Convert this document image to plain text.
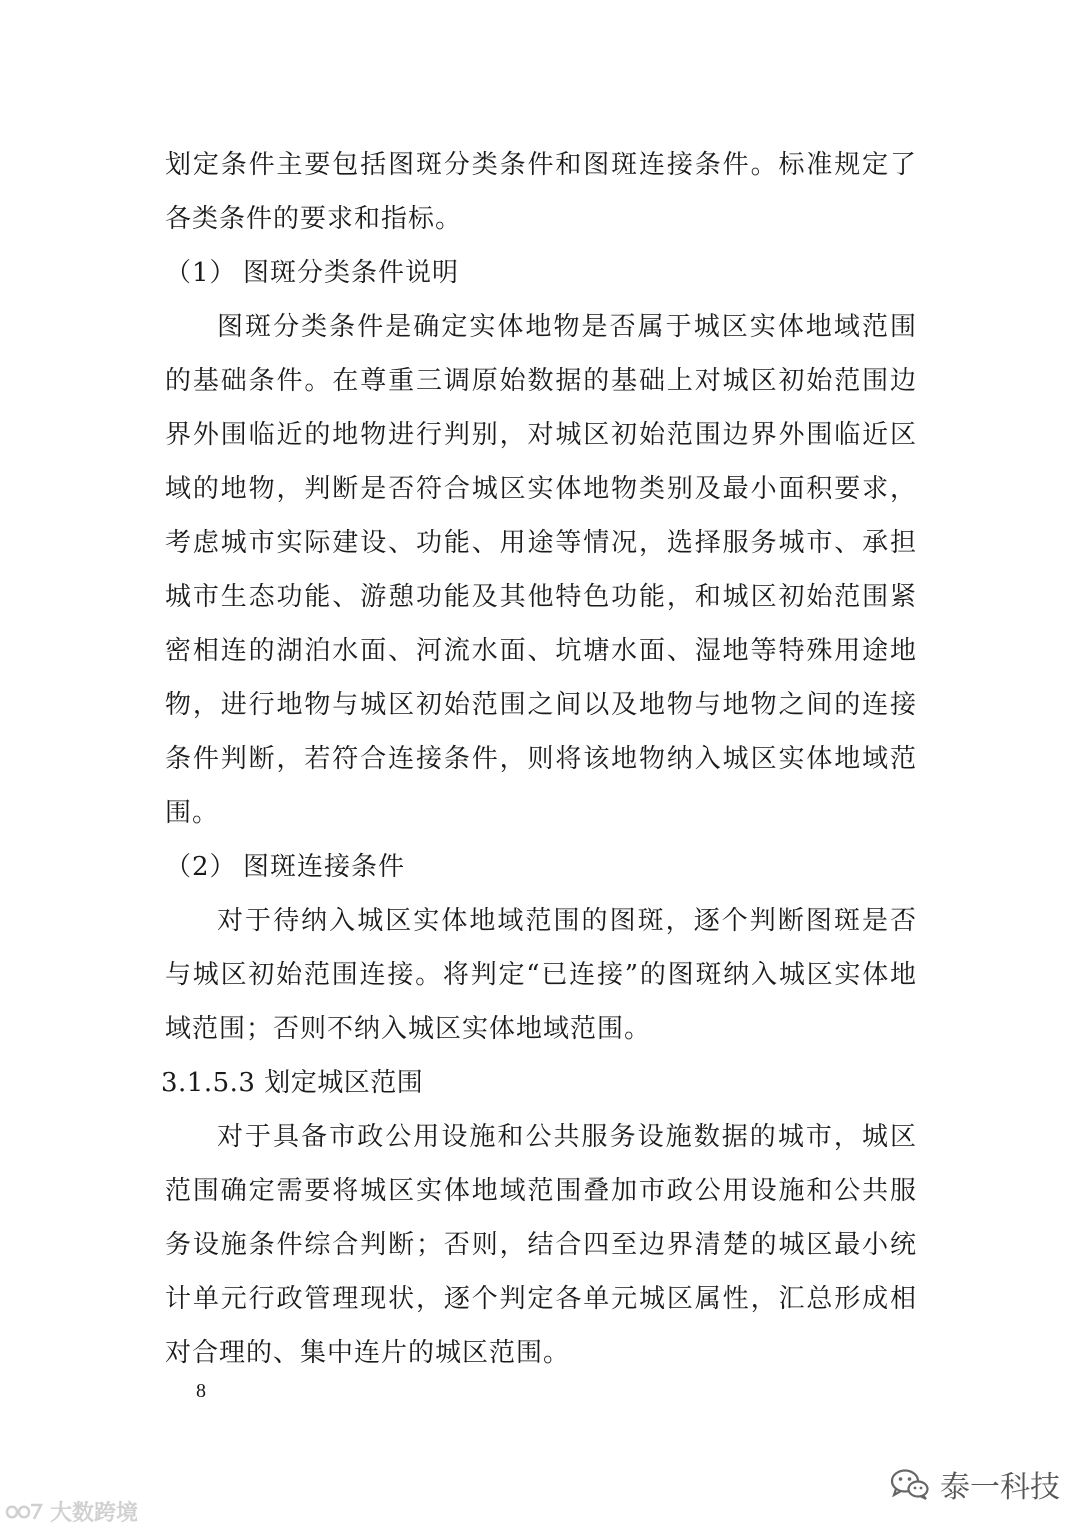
划定条件主要包括图斑分类条件和图斑连接条件。标准规定了各类条件的要求和指标。

（1） 图斑分类条件说明

图斑分类条件是确定实体地物是否属于城区实体地域范围的基础条件。在尊重三调原始数据的基础上对城区初始范围边界外围临近的地物进行判别，对城区初始范围边界外围临近区域的地物，判断是否符合城区实体地物类别及最小面积要求，考虑城市实际建设、功能、用途等情况，选择服务城市、承担城市生态功能、游憩功能及其他特色功能，和城区初始范围紧密相连的湖泊水面、河流水面、坑塘水面、湿地等特殊用途地物，进行地物与城区初始范围之间以及地物与地物之间的连接条件判断，若符合连接条件，则将该地物纳入城区实体地域范围。

（2） 图斑连接条件

对于待纳入城区实体地域范围的图斑，逐个判断图斑是否与城区初始范围连接。将判定“已连接”的图斑纳入城区实体地域范围；否则不纳入城区实体地域范围。

3.1.5.3 划定城区范围

对于具备市政公用设施和公共服务设施数据的城市，城区范围确定需要将城区实体地域范围叠加市政公用设施和公共服务设施条件综合判断；否则，结合四至边界清楚的城区最小统计单元行政管理现状，逐个判定各单元城区属性，汇总形成相对合理的、集中连片的城区范围。

8
大数跨境
泰一科技
